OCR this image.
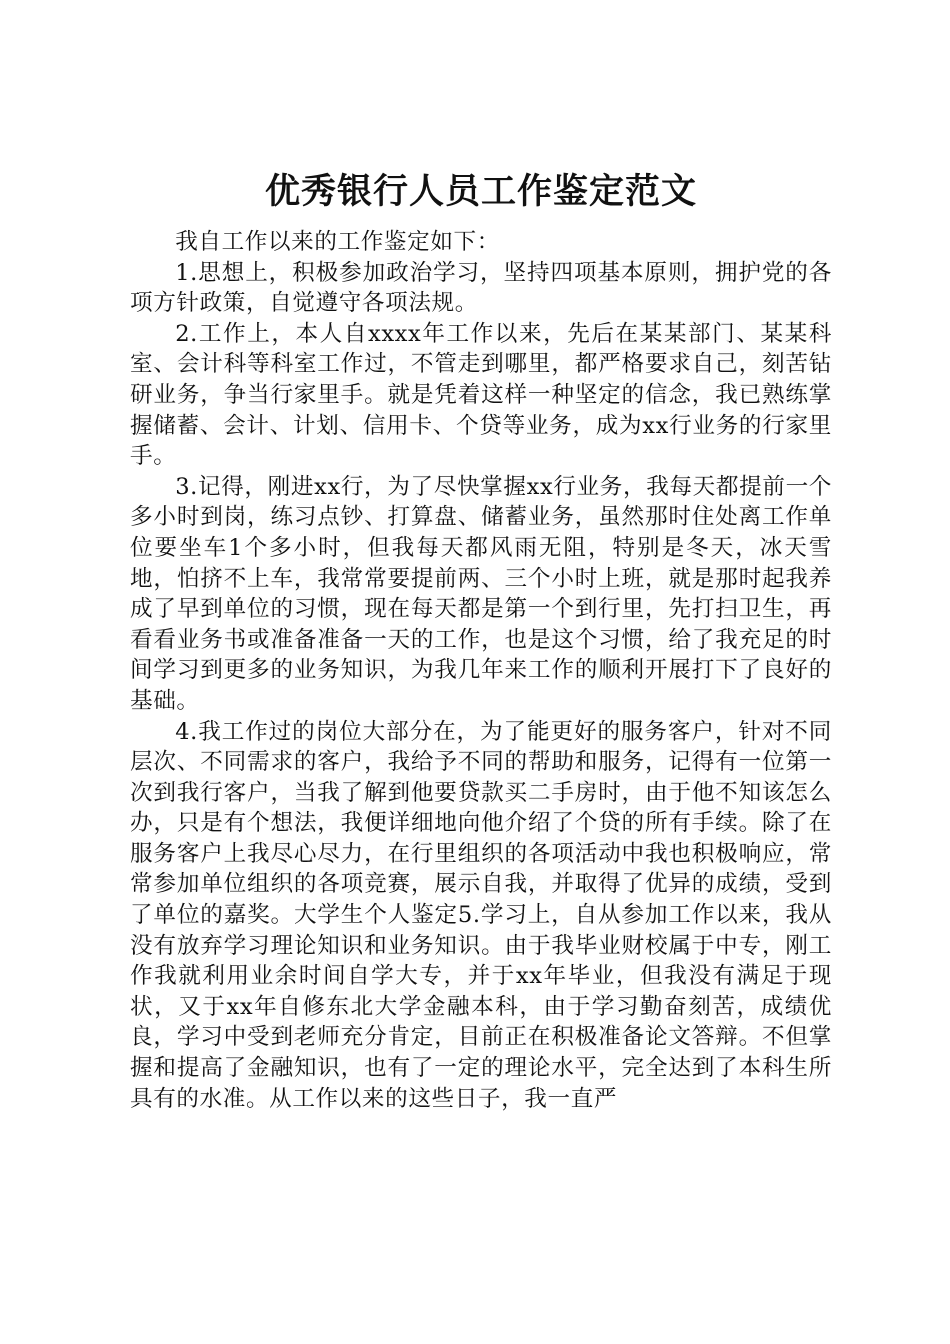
优秀银行人员工作鉴定范文

我自工作以来的工作鉴定如下：

1.思想上，积极参加政治学习，坚持四项基本原则，拥护党的各项方针政策，自觉遵守各项法规。

2.工作上，本人自xxxx年工作以来，先后在某某部门、某某科室、会计科等科室工作过，不管走到哪里，都严格要求自己，刻苦钻研业务，争当行家里手。就是凭着这样一种坚定的信念，我已熟练掌握储蓄、会计、计划、信用卡、个贷等业务，成为xx行业务的行家里手。

3.记得，刚进xx行，为了尽快掌握xx行业务，我每天都提前一个多小时到岗，练习点钞、打算盘、储蓄业务，虽然那时住处离工作单位要坐车1个多小时，但我每天都风雨无阻，特别是冬天，冰天雪地，怕挤不上车，我常常要提前两、三个小时上班，就是那时起我养成了早到单位的习惯，现在每天都是第一个到行里，先打扫卫生，再看看业务书或准备准备一天的工作，也是这个习惯，给了我充足的时间学习到更多的业务知识，为我几年来工作的顺利开展打下了良好的基础。

4.我工作过的岗位大部分在，为了能更好的服务客户，针对不同层次、不同需求的客户，我给予不同的帮助和服务，记得有一位第一次到我行客户，当我了解到他要贷款买二手房时，由于他不知该怎么办，只是有个想法，我便详细地向他介绍了个贷的所有手续。除了在服务客户上我尽心尽力，在行里组织的各项活动中我也积极响应，常常参加单位组织的各项竞赛，展示自我，并取得了优异的成绩，受到了单位的嘉奖。大学生个人鉴定5.学习上，自从参加工作以来，我从没有放弃学习理论知识和业务知识。由于我毕业财校属于中专，刚工作我就利用业余时间自学大专，并于xx年毕业，但我没有满足于现状，又于xx年自修东北大学金融本科，由于学习勤奋刻苦，成绩优良，学习中受到老师充分肯定，目前正在积极准备论文答辩。不但掌握和提高了金融知识，也有了一定的理论水平，完全达到了本科生所具有的水准。从工作以来的这些日子，我一直严
